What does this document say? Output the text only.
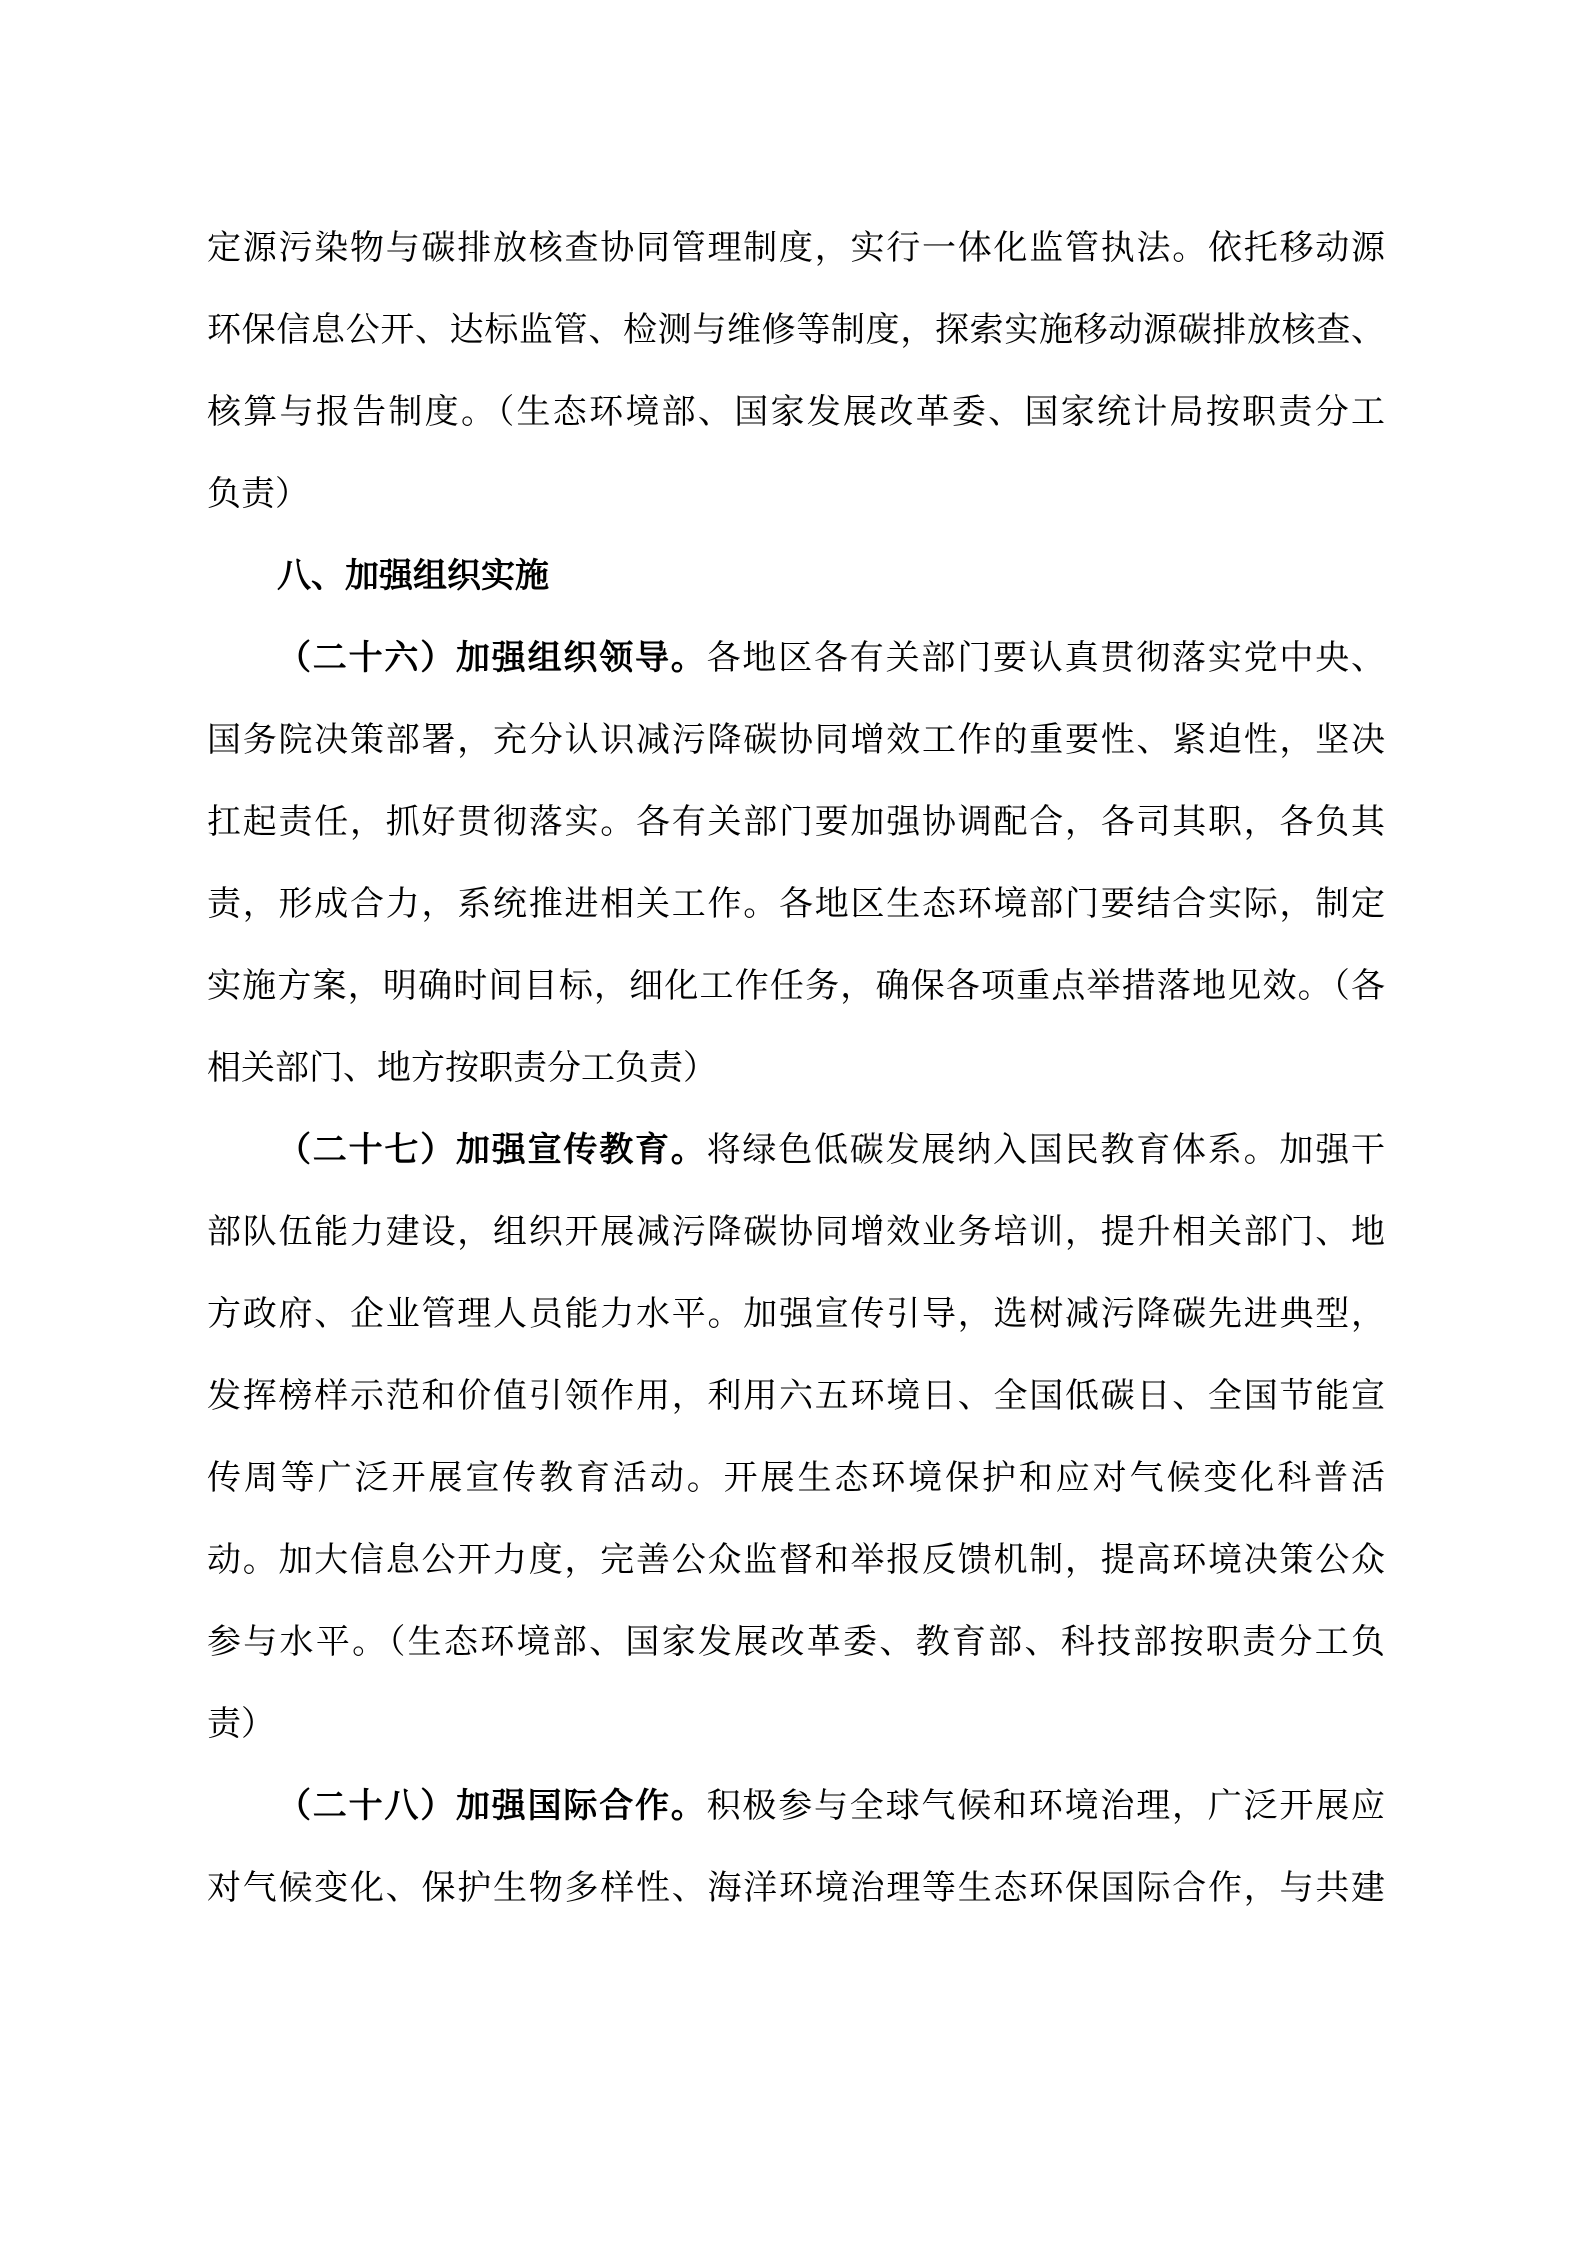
定源污染物与碳排放核查协同管理制度，实行一体化监管执法。依托移动源
环保信息公开、达标监管、检测与维修等制度，探索实施移动源碳排放核查、
核算与报告制度。（生态环境部、国家发展改革委、国家统计局按职责分工
负责）
八、加强组织实施
（二十六）加强组织领导。各地区各有关部门要认真贯彻落实党中央、
国务院决策部署，充分认识减污降碳协同增效工作的重要性、紧迫性，坚决
扛起责任，抓好贯彻落实。各有关部门要加强协调配合，各司其职，各负其
责，形成合力，系统推进相关工作。各地区生态环境部门要结合实际，制定
实施方案，明确时间目标，细化工作任务，确保各项重点举措落地见效。（各
相关部门、地方按职责分工负责）
（二十七）加强宣传教育。将绿色低碳发展纳入国民教育体系。加强干
部队伍能力建设，组织开展减污降碳协同增效业务培训，提升相关部门、地
方政府、企业管理人员能力水平。加强宣传引导，选树减污降碳先进典型，
发挥榜样示范和价值引领作用，利用六五环境日、全国低碳日、全国节能宣
传周等广泛开展宣传教育活动。开展生态环境保护和应对气候变化科普活
动。加大信息公开力度，完善公众监督和举报反馈机制，提高环境决策公众
参与水平。（生态环境部、国家发展改革委、教育部、科技部按职责分工负
责）
（二十八）加强国际合作。积极参与全球气候和环境治理，广泛开展应
对气候变化、保护生物多样性、海洋环境治理等生态环保国际合作，与共建
